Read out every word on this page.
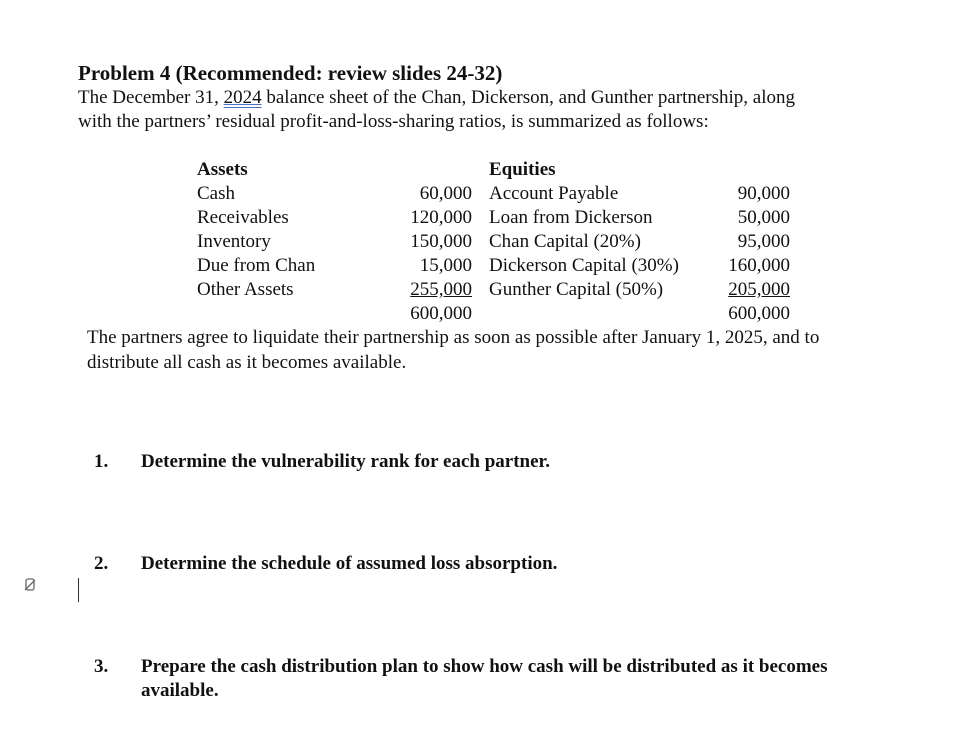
Problem 4 (Recommended: review slides 24-32)
The December 31, 2024 balance sheet of the Chan, Dickerson, and Gunther partnership, along
with the partners’ residual profit-and-loss-sharing ratios, is summarized as follows:
Assets
Cash
Receivables
Inventory
Due from Chan
Other Assets

60,000
120,000
150,000
15,000
255,000
600,000
Equities
Account Payable
Loan from Dickerson
Chan Capital (20%)
Dickerson Capital (30%)
Gunther Capital (50%)

90,000
50,000
95,000
160,000
205,000
600,000
The partners agree to liquidate their partnership as soon as possible after January 1, 2025, and to
distribute all cash as it becomes available.
1. Determine the vulnerability rank for each partner.
2. Determine the schedule of assumed loss absorption.
3. Prepare the cash distribution plan to show how cash will be distributed as it becomes
available.
